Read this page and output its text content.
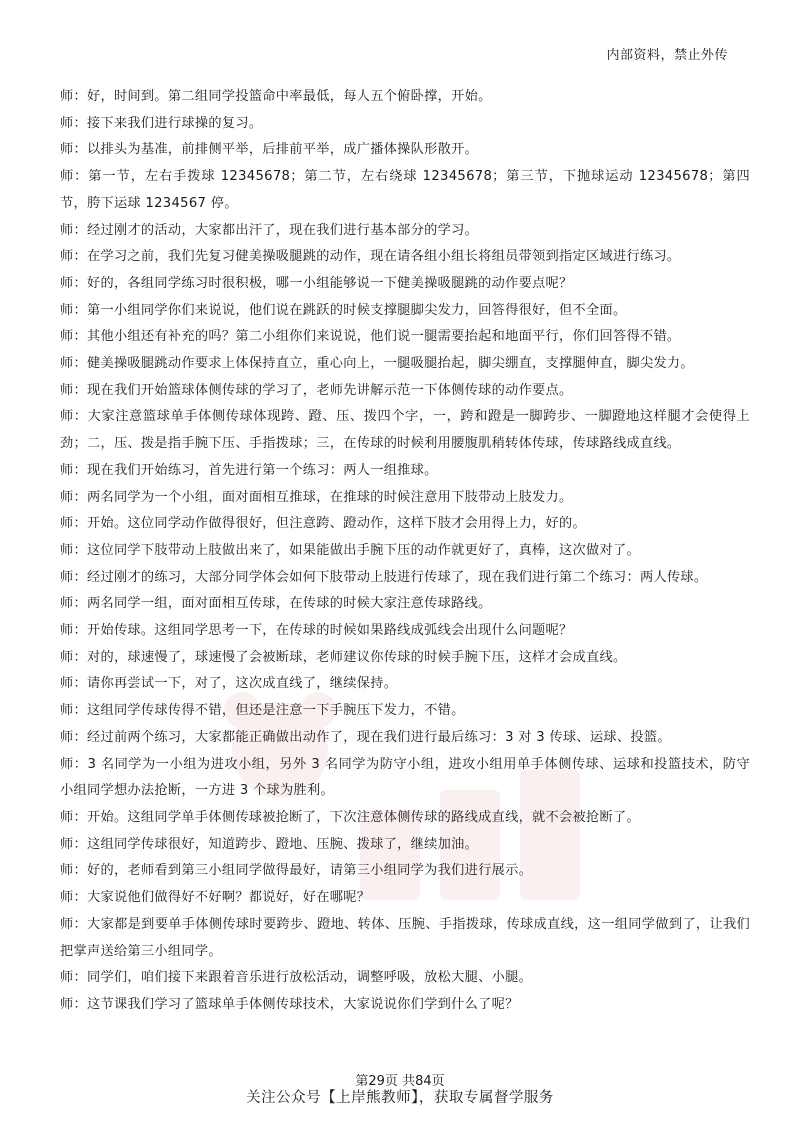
内部资料，禁止外传

师：好，时间到。第二组同学投篮命中率最低，每人五个俯卧撑，开始。

师：接下来我们进行球操的复习。

师：以排头为基准，前排侧平举，后排前平举，成广播体操队形散开。

师：第一节，左右手拨球 12345678；第二节，左右绕球 12345678；第三节，下抛球运动 12345678；第四节，胯下运球 1234567 停。

师：经过刚才的活动，大家都出汗了，现在我们进行基本部分的学习。

师：在学习之前，我们先复习健美操吸腿跳的动作，现在请各组小组长将组员带领到指定区域进行练习。

师：好的，各组同学练习时很积极，哪一小组能够说一下健美操吸腿跳的动作要点呢？

师：第一小组同学你们来说说，他们说在跳跃的时候支撑腿脚尖发力，回答得很好，但不全面。

师：其他小组还有补充的吗？第二小组你们来说说，他们说一腿需要抬起和地面平行，你们回答得不错。

师：健美操吸腿跳动作要求上体保持直立，重心向上，一腿吸腿抬起，脚尖绷直，支撑腿伸直，脚尖发力。

师：现在我们开始篮球体侧传球的学习了，老师先讲解示范一下体侧传球的动作要点。

师：大家注意篮球单手体侧传球体现跨、蹬、压、拨四个字，一，跨和蹬是一脚跨步、一脚蹬地这样腿才会使得上劲；二，压、拨是指手腕下压、手指拨球；三，在传球的时候利用腰腹肌稍转体传球，传球路线成直线。

师：现在我们开始练习，首先进行第一个练习：两人一组推球。

师：两名同学为一个小组，面对面相互推球，在推球的时候注意用下肢带动上肢发力。

师：开始。这位同学动作做得很好，但注意跨、蹬动作，这样下肢才会用得上力，好的。

师：这位同学下肢带动上肢做出来了，如果能做出手腕下压的动作就更好了，真棒，这次做对了。

师：经过刚才的练习，大部分同学体会如何下肢带动上肢进行传球了，现在我们进行第二个练习：两人传球。

师：两名同学一组，面对面相互传球，在传球的时候大家注意传球路线。

师：开始传球。这组同学思考一下，在传球的时候如果路线成弧线会出现什么问题呢？

师：对的，球速慢了，球速慢了会被断球，老师建议你传球的时候手腕下压，这样才会成直线。

师：请你再尝试一下，对了，这次成直线了，继续保持。

师：这组同学传球传得不错，但还是注意一下手腕压下发力，不错。

师：经过前两个练习，大家都能正确做出动作了，现在我们进行最后练习：3 对 3 传球、运球、投篮。

师：3 名同学为一小组为进攻小组，另外 3 名同学为防守小组，进攻小组用单手体侧传球、运球和投篮技术，防守小组同学想办法抢断，一方进 3 个球为胜利。

师：开始。这组同学单手体侧传球被抢断了，下次注意体侧传球的路线成直线，就不会被抢断了。

师：这组同学传球很好，知道跨步、蹬地、压腕、拨球了，继续加油。

师：好的，老师看到第三小组同学做得最好，请第三小组同学为我们进行展示。

师：大家说他们做得好不好啊？都说好，好在哪呢？

师：大家都是到要单手体侧传球时要跨步、蹬地、转体、压腕、手指拨球，传球成直线，这一组同学做到了，让我们把掌声送给第三小组同学。

师：同学们，咱们接下来跟着音乐进行放松活动，调整呼吸，放松大腿、小腿。

师：这节课我们学习了篮球单手体侧传球技术，大家说说你们学到什么了呢？

第29页 共84页
关注公众号【上岸熊教师】，获取专属督学服务
